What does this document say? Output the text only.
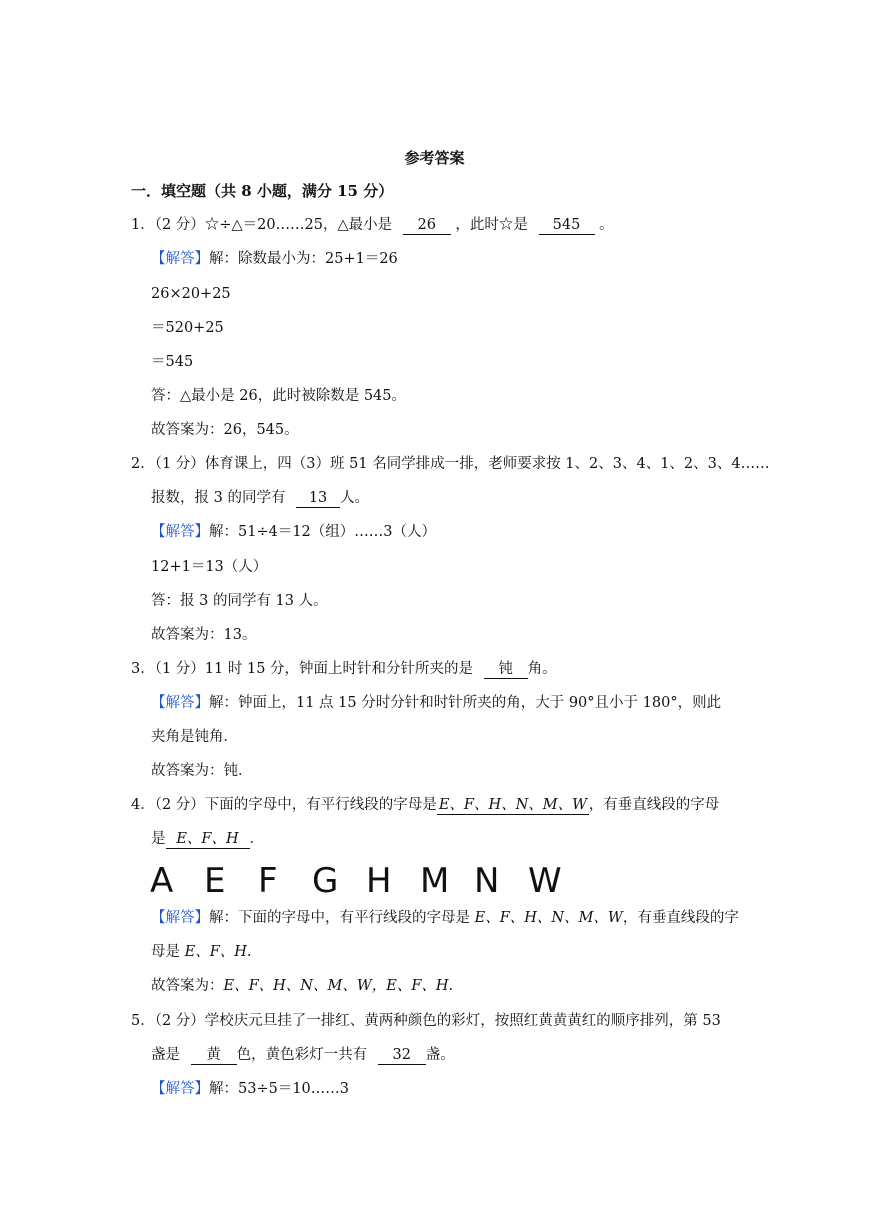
参考答案
一．填空题（共 8 小题，满分 15 分）
1．（2 分）☆÷△＝20……25，△最小是 26 ，此时☆是 545 。
【解答】解：除数最小为：25+1＝26
26×20+25
＝520+25
＝545
答：△最小是 26，此时被除数是 545。
故答案为：26，545。
2．（1 分）体育课上，四（3）班 51 名同学排成一排，老师要求按 1、2、3、4、1、2、3、4……
报数，报 3 的同学有 13 人。
【解答】解：51÷4＝12（组）……3（人）
12+1＝13（人）
答：报 3 的同学有 13 人。
故答案为：13。
3．（1 分）11 时 15 分，钟面上时针和分针所夹的是 钝 角。
【解答】解：钟面上，11 点 15 分时分针和时针所夹的角，大于 90°且小于 180°，则此
夹角是钝角．
故答案为：钝．
4．（2 分）下面的字母中，有平行线段的字母是 E、F、H、N、M、W ，有垂直线段的字母
是 E、F、H ．
A E F G H M N W
【解答】解：下面的字母中，有平行线段的字母是 E、F、H、N、M、W，有垂直线段的字
母是 E、F、H.
故答案为：E、F、H、N、M、W，E、F、H.
5．（2 分）学校庆元旦挂了一排红、黄两种颜色的彩灯，按照红黄黄黄红的顺序排列，第 53
盏是 黄 色，黄色彩灯一共有 32 盏。
【解答】解：53÷5＝10……3
